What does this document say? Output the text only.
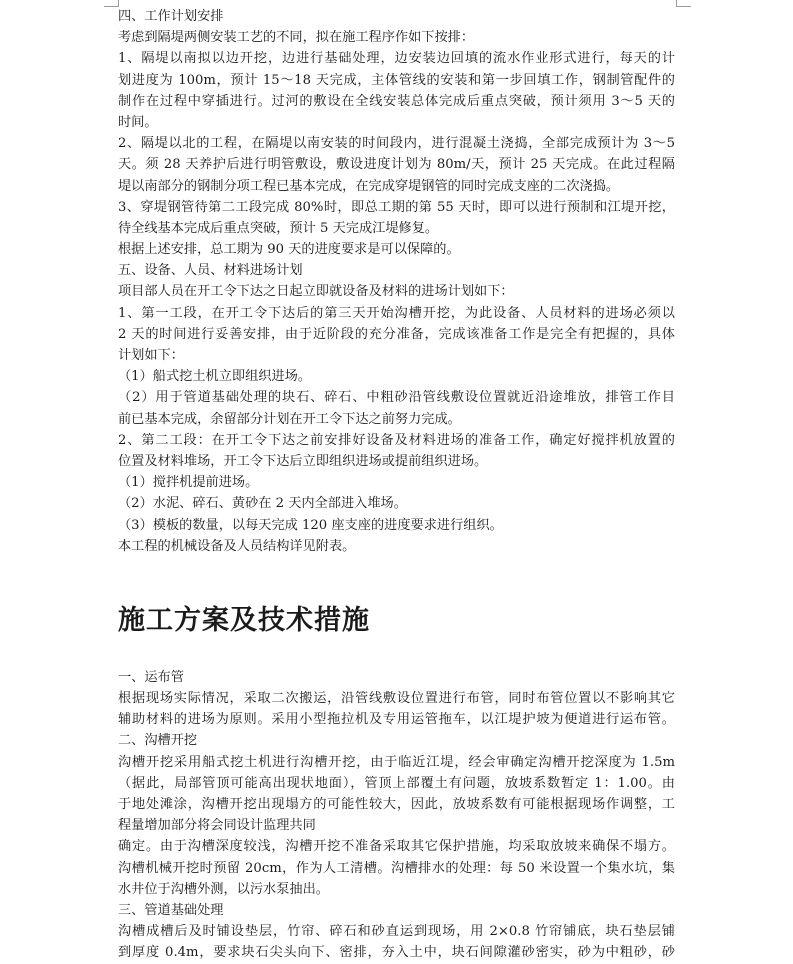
四、工作计划安排
考虑到隔堤两侧安装工艺的不同，拟在施工程序作如下按排：
1、隔堤以南拟以边开挖，边进行基础处理，边安装边回填的流水作业形式进行，每天的计
划进度为 100m，预计 15～18 天完成，主体管线的安装和第一步回填工作，钢制管配件的
制作在过程中穿插进行。过河的敷设在全线安装总体完成后重点突破，预计须用 3～5 天的
时间。
2、隔堤以北的工程，在隔堤以南安装的时间段内，进行混凝土浇捣，全部完成预计为 3～5
天。须 28 天养护后进行明管敷设，敷设进度计划为 80m/天，预计 25 天完成。在此过程隔
堤以南部分的钢制分项工程已基本完成，在完成穿堤钢管的同时完成支座的二次浇捣。
3、穿堤钢管待第二工段完成 80%时，即总工期的第 55 天时，即可以进行预制和江堤开挖，
待全线基本完成后重点突破，预计 5 天完成江堤修复。
根据上述安排，总工期为 90 天的进度要求是可以保障的。
五、设备、人员、材料进场计划
项目部人员在开工令下达之日起立即就设备及材料的进场计划如下：
1、第一工段，在开工令下达后的第三天开始沟槽开挖，为此设备、人员材料的进场必须以
2 天的时间进行妥善安排，由于近阶段的充分准备，完成该准备工作是完全有把握的，具体
计划如下：
（1）船式挖土机立即组织进场。
（2）用于管道基础处理的块石、碎石、中粗砂沿管线敷设位置就近沿途堆放，排管工作目
前已基本完成，余留部分计划在开工令下达之前努力完成。
2、第二工段：在开工令下达之前安排好设备及材料进场的准备工作，确定好搅拌机放置的
位置及材料堆场，开工令下达后立即组织进场或提前组织进场。
（1）搅拌机提前进场。
（2）水泥、碎石、黄砂在 2 天内全部进入堆场。
（3）模板的数量，以每天完成 120 座支座的进度要求进行组织。
本工程的机械设备及人员结构详见附表。
施工方案及技术措施
一、运布管
根据现场实际情况，采取二次搬运，沿管线敷设位置进行布管，同时布管位置以不影响其它
辅助材料的进场为原则。采用小型拖拉机及专用运管拖车，以江堤护坡为便道进行运布管。
二、沟槽开挖
沟槽开挖采用船式挖土机进行沟槽开挖，由于临近江堤，经会审确定沟槽开挖深度为 1.5m
（据此，局部管顶可能高出现状地面），管顶上部覆土有问题，放坡系数暂定 1：1.00。由
于地处滩涂，沟槽开挖出现塌方的可能性较大，因此，放坡系数有可能根据现场作调整，工
程量增加部分将会同设计监理共同
确定。由于沟槽深度较浅，沟槽开挖不准备采取其它保护措施，均采取放坡来确保不塌方。
沟槽机械开挖时预留 20cm，作为人工清槽。沟槽排水的处理：每 50 米设置一个集水坑，集
水井位于沟槽外测，以污水泵抽出。
三、管道基础处理
沟槽成槽后及时铺设垫层，竹帘、碎石和砂直运到现场，用 2×0.8 竹帘铺底，块石垫层铺
到厚度 0.4m，要求块石尖头向下、密排，夯入土中，块石间隙灌砂密实，砂为中粗砂，砂
